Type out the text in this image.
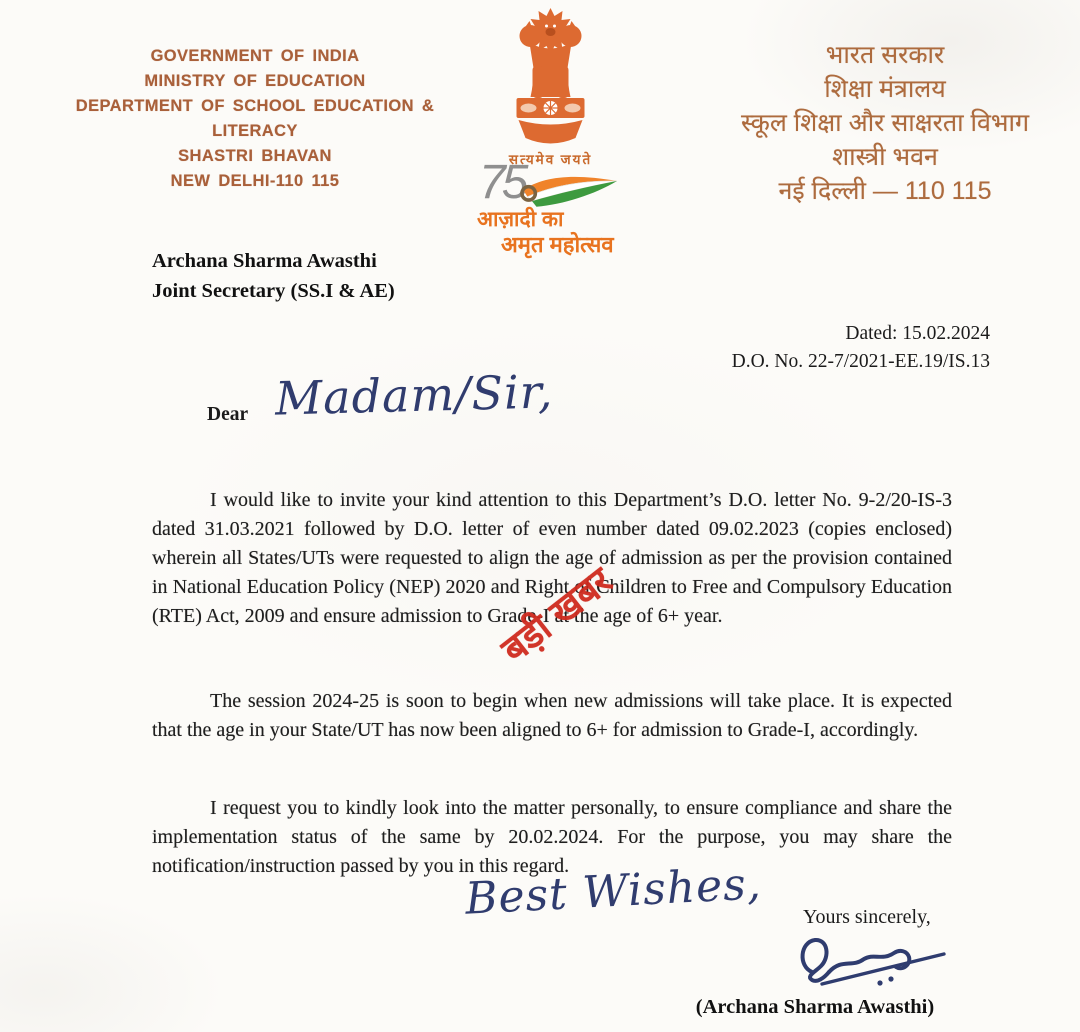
GOVERNMENT OF INDIA
MINISTRY OF EDUCATION
DEPARTMENT OF SCHOOL EDUCATION & LITERACY
SHASTRI BHAVAN
NEW DELHI-110 115
सत्यमेव जयते
75
आज़ादी का
अमृत महोत्सव
भारत सरकार
शिक्षा मंत्रालय
स्कूल शिक्षा और साक्षरता विभाग
शास्त्री भवन
नई दिल्ली — 110 115
Archana Sharma Awasthi
Joint Secretary (SS.I & AE)
Dated: 15.02.2024
D.O. No. 22-7/2021-EE.19/IS.13
Dear Madam/Sir,
I would like to invite your kind attention to this Department’s D.O. letter No. 9-2/20-IS-3 dated 31.03.2021 followed by D.O. letter of even number dated 09.02.2023 (copies enclosed) wherein all States/UTs were requested to align the age of admission as per the provision contained in National Education Policy (NEP) 2020 and Right of Children to Free and Compulsory Education (RTE) Act, 2009 and ensure admission to Grade-I at the age of 6+ year.
The session 2024-25 is soon to begin when new admissions will take place. It is expected that the age in your State/UT has now been aligned to 6+ for admission to Grade-I, accordingly.
I request you to kindly look into the matter personally, to ensure compliance and share the implementation status of the same by 20.02.2024. For the purpose, you may share the notification/instruction passed by you in this regard.
बड़ी खबर
Best Wishes, Yours sincerely,
(Archana Sharma Awasthi)
